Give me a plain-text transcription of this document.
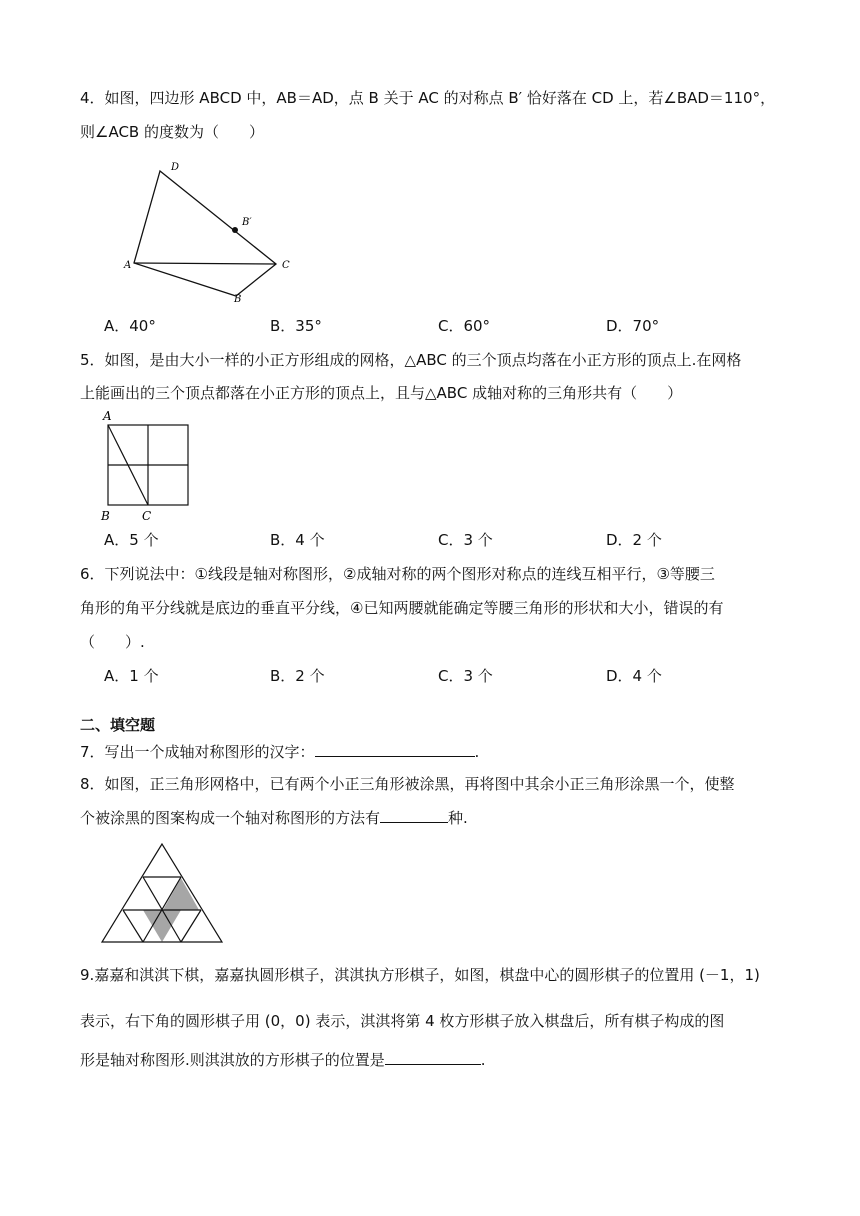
4．如图，四边形 ABCD 中，AB＝AD，点 B 关于 AC 的对称点 B′ 恰好落在 CD 上，若∠BAD＝110°，
则∠ACB 的度数为（　　）
D
A	C
B
B′
A．40°	B．35°	C．60°	D．70°
5．如图，是由大小一样的小正方形组成的网格，△ABC 的三个顶点均落在小正方形的顶点上.在网格
上能画出的三个顶点都落在小正方形的顶点上，且与△ABC 成轴对称的三角形共有（　　）
A
B	C
A．5 个	B．4 个	C．3 个	D．2 个
6．下列说法中：①线段是轴对称图形，②成轴对称的两个图形对称点的连线互相平行，③等腰三
角形的角平分线就是底边的垂直平分线，④已知两腰就能确定等腰三角形的形状和大小，错误的有
（　　）.
A．1 个	B．2 个	C．3 个	D．4 个
二、填空题
7．写出一个成轴对称图形的汉字：	.
8．如图，正三角形网格中，已有两个小正三角形被涂黑，再将图中其余小正三角形涂黑一个，使整
个被涂黑的图案构成一个轴对称图形的方法有	种.
9.嘉嘉和淇淇下棋，嘉嘉执圆形棋子，淇淇执方形棋子，如图，棋盘中心的圆形棋子的位置用 (－1，1)
表示，右下角的圆形棋子用 (0，0) 表示，淇淇将第 4 枚方形棋子放入棋盘后，所有棋子构成的图
形是轴对称图形.则淇淇放的方形棋子的位置是	.
